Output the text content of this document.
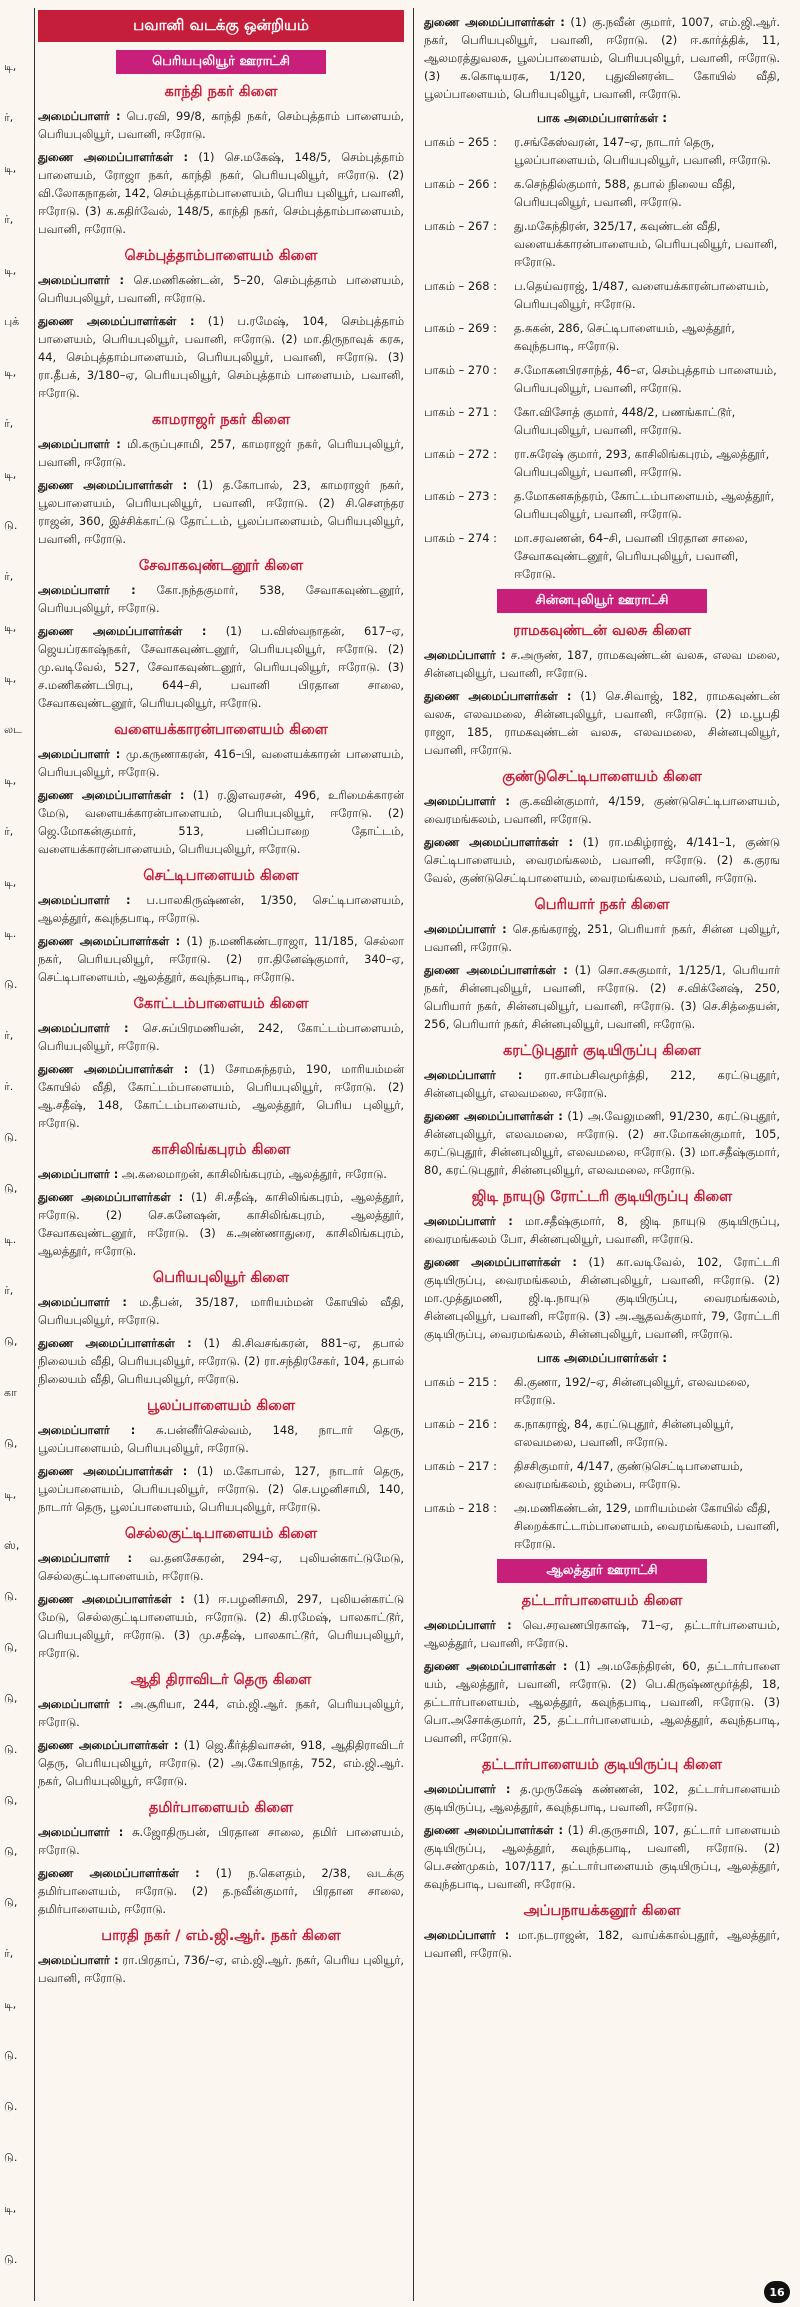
டி,
ர்,
டி,
ர்,
டி,
புக்
டி,
ர்,
டி,
டு.
ர்,
டி,
டி,
லட
டி,
ர்,
டி,
டி.
டு.
ர்,
ர்.
டு.
டு,
டி.
ர்,
டு,
கா
டு,
டி,
ஸ்,
டு.
டு,
டு,
டு.
டு,
டு,
டு,
ர்,
டி,
டு.
டு.
டு.
டி,
டு.
பவானி வடக்கு ஒன்றியம்
பெரியபுலியூர் ஊராட்சி
காந்தி நகர் கிளை
அமைப்பாளர் : பெ.ரவி, 99/8, காந்தி நகர், செம்புத்தாம் பாளையம், பெரியபுலியூர், பவானி, ஈரோடு.
துணை அமைப்பாளர்கள் : (1) செ.மகேஷ், 148/5, செம்புத்தாம் பாளையம், ரோஜா நகர், காந்தி நகர், பெரியபுலியூர், ஈரோடு. (2) வி.லோகநாதன், 142, செம்புத்தாம்பாளையம், பெரிய புலியூர், பவானி, ஈரோடு. (3) க.கதிர்வேல், 148/5, காந்தி நகர், செம்புத்தாம்பாளையம், பவானி, ஈரோடு.
செம்புத்தாம்பாளையம் கிளை
அமைப்பாளர் : செ.மணிகண்டன், 5–20, செம்புத்தாம் பாளையம், பெரியபுலியூர், பவானி, ஈரோடு.
துணை அமைப்பாளர்கள் : (1) ப.ரமேஷ், 104, செம்புத்தாம் பாளையம், பெரியபுலியூர், பவானி, ஈரோடு. (2) மா.திருநாவுக் கரசு, 44, செம்புத்தாம்பாளையம், பெரியபுலியூர், பவானி, ஈரோடு. (3) ரா.தீபக், 3/180–ஏ, பெரியபுலியூர், செம்புத்தாம் பாளையம், பவானி, ஈரோடு.
காமராஜர் நகர் கிளை
அமைப்பாளர் : மி.கருப்புசாமி, 257, காமராஜர் நகர், பெரியபுலியூர், பவானி, ஈரோடு.
துணை அமைப்பாளர்கள் : (1) த.கோபால், 23, காமராஜர் நகர், பூலபாளையம், பெரியபுலியூர், பவானி, ஈரோடு. (2) சி.சௌந்தர ராஜன், 360, இச்சிக்காட்டு தோட்டம், பூலப்பாளையம், பெரியபுலியூர், பவானி, ஈரோடு.
சேவாகவுண்டனூர் கிளை
அமைப்பாளர் : கோ.நந்தகுமார், 538, சேவாகவுண்டனூர், பெரியபுலியூர், ஈரோடு.
துணை அமைப்பாளர்கள் : (1) ப.விஸ்வநாதன், 617–ஏ, ஜெயப்ரகாஷ்நகர், சேவாகவுண்டனூர், பெரியபுலியூர், ஈரோடு. (2) மு.வடிவேல், 527, சேவாகவுண்டனூர், பெரியபுலியூர், ஈரோடு. (3) ச.மணிகண்டபிரபு, 644–சி, பவானி பிரதான சாலை, சேவாகவுண்டனூர், பெரியபுலியூர், ஈரோடு.
வளையக்காரன்பாளையம் கிளை
அமைப்பாளர் : மு.கருணாகரன், 416–பி, வளையக்காரன் பாளையம், பெரியபுலியூர், ஈரோடு.
துணை அமைப்பாளர்கள் : (1) ர.இளவரசன், 496, உரிமைக்காரன் மேடு, வளையக்காரன்பாளையம், பெரியபுலியூர், ஈரோடு. (2) ஜெ.மோகன்குமார், 513, பனிப்பாறை தோட்டம், வளையக்காரன்பாளையம், பெரியபுலியூர், ஈரோடு.
செட்டிபாளையம் கிளை
அமைப்பாளர் : ப.பாலகிருஷ்ணன், 1/350, செட்டிபாளையம், ஆலத்தூர், கவுந்தபாடி, ஈரோடு.
துணை அமைப்பாளர்கள் : (1) ந.மணிகண்டராஜா, 11/185, செல்லா நகர், பெரியபுலியூர், ஈரோடு. (2) ரா.தினேஷ்குமார், 340–ஏ, செட்டிபாளையம், ஆலத்தூர், கவுந்தபாடி, ஈரோடு.
கோட்டம்பாளையம் கிளை
அமைப்பாளர் : செ.சுப்பிரமணியன், 242, கோட்டம்பாளையம், பெரியபுலியூர், ஈரோடு.
துணை அமைப்பாளர்கள் : (1) சோமசுந்தரம், 190, மாரியம்மன் கோயில் வீதி, கோட்டம்பாளையம், பெரியபுலியூர், ஈரோடு. (2) ஆ.சதீஷ், 148, கோட்டம்பாளையம், ஆலத்தூர், பெரிய புலியூர், ஈரோடு.
காசிலிங்கபுரம் கிளை
அமைப்பாளர் : அ.கலைமாறன், காசிலிங்கபுரம், ஆலத்தூர், ஈரோடு.
துணை அமைப்பாளர்கள் : (1) சி.சதீஷ், காசிலிங்கபுரம், ஆலத்தூர், ஈரோடு. (2) செ.கனேஷன், காசிலிங்கபுரம், ஆலத்தூர், சேவாகவுண்டனூர், ஈரோடு. (3) க.அண்ணாதுரை, காசிலிங்கபுரம், ஆலத்தூர், ஈரோடு.
பெரியபுலியூர் கிளை
அமைப்பாளர் : ம.தீபன், 35/187, மாரியம்மன் கோயில் வீதி, பெரியபுலியூர், ஈரோடு.
துணை அமைப்பாளர்கள் : (1) கி.சிவசங்கரன், 881–ஏ, தபால் நிலையம் வீதி, பெரியபுலியூர், ஈரோடு. (2) ரா.சந்திரசேகர், 104, தபால் நிலையம் வீதி, பெரியபுலியூர், ஈரோடு.
பூலப்பாளையம் கிளை
அமைப்பாளர் : சு.பன்னீர்செல்வம், 148, நாடார் தெரு, பூலப்பாளையம், பெரியபுலியூர், ஈரோடு.
துணை அமைப்பாளர்கள் : (1) ம.கோபால், 127, நாடார் தெரு, பூலப்பாளையம், பெரியபுலியூர், ஈரோடு. (2) செ.பழனிசாமி, 140, நாடார் தெரு, பூலப்பாளையம், பெரியபுலியூர், ஈரோடு.
செல்லகுட்டிபாளையம் கிளை
அமைப்பாளர் : வ.தனசேகரன், 294–ஏ, புலியன்காட்டுமேடு, செல்லகுட்டிபாளையம், ஈரோடு.
துணை அமைப்பாளர்கள் : (1) ஈ.பழனிசாமி, 297, புலியன்காட்டு மேடு, செல்லகுட்டிபாளையம், ஈரோடு. (2) கி.ரமேஷ், பாலகாட்டூர், பெரியபுலியூர், ஈரோடு. (3) மு.சதீஷ், பாலகாட்டூர், பெரியபுலியூர், ஈரோடு.
ஆதி திராவிடர் தெரு கிளை
அமைப்பாளர் : அ.சூரியா, 244, எம்.ஜி.ஆர். நகர், பெரியபுலியூர், ஈரோடு.
துணை அமைப்பாளர்கள் : (1) ஜெ.கீர்த்திவாசன், 918, ஆதிதிராவிடர் தெரு, பெரியபுலியூர், ஈரோடு. (2) அ.கோபிநாத், 752, எம்.ஜி.ஆர். நகர், பெரியபுலியூர், ஈரோடு.
தமிர்பாளையம் கிளை
அமைப்பாளர் : சு.ஜோதிருபன், பிரதான சாலை, தமிர் பாளையம், ஈரோடு.
துணை அமைப்பாளர்கள் : (1) ந.கௌதம், 2/38, வடக்கு தமிர்பாளையம், ஈரோடு. (2) த.நவீன்குமார், பிரதான சாலை, தமிர்பாளையம், ஈரோடு.
பாரதி நகர் / எம்.ஜி.ஆர். நகர் கிளை
அமைப்பாளர் : ரா.பிரதாப், 736/–ஏ, எம்.ஜி.ஆர். நகர், பெரிய புலியூர், பவானி, ஈரோடு.
துணை அமைப்பாளர்கள் : (1) கு.நவீன் குமார், 1007, எம்.ஜி.ஆர். நகர், பெரியபுலியூர், பவானி, ஈரோடு. (2) ஈ.கார்த்திக், 11, ஆலமரத்துவலசு, பூலப்பாளையம், பெரியபுலியூர், பவானி, ஈரோடு. (3) க.கொடியரசு, 1/120, புதுவினரன்ட கோயில் வீதி, பூலப்பாளையம், பெரியபுலியூர், பவானி, ஈரோடு.
பாக அமைப்பாளர்கள் :
பாகம் – 265 :	ர.சங்கேஸ்வரன், 147–ஏ, நாடார் தெரு, பூலப்பாளையம், பெரியபுலியூர், பவானி, ஈரோடு.
பாகம் – 266 :	க.செந்தில்குமார், 588, தபால் நிலைய வீதி, பெரியபுலியூர், பவானி, ஈரோடு.
பாகம் – 267 :	து.மகேந்திரன், 325/17, கவுண்டன் வீதி, வளையக்காரன்பாளையம், பெரியபுலியூர், பவானி, ஈரோடு.
பாகம் – 268 :	ப.தெய்வராஜ், 1/487, வளையக்காரன்பாளையம், பெரியபுலியூர், ஈரோடு.
பாகம் – 269 :	த.சுகன், 286, செட்டிபாளையம், ஆலத்தூர், கவுந்தபாடி, ஈரோடு.
பாகம் – 270 :	ச.மோகனபிரசாந்த், 46–எ, செம்புத்தாம் பாளையம், பெரியபுலியூர், பவானி, ஈரோடு.
பாகம் – 271 :	கோ.விசோத் குமார், 448/2, பணங்காட்டூர், பெரியபுலியூர், பவானி, ஈரோடு.
பாகம் – 272 :	ரா.சுரேஷ் குமார், 293, காசிலிங்கபுரம், ஆலத்தூர், பெரியபுலியூர், பவானி, ஈரோடு.
பாகம் – 273 :	த.மோகனசுந்தரம், கோட்டம்பாளையம், ஆலத்தூர், பெரியபுலியூர், பவானி, ஈரோடு.
பாகம் – 274 :	மா.சரவணன், 64–சி, பவானி பிரதான சாலை, சேவாகவுண்டனூர், பெரியபுலியூர், பவானி, ஈரோடு.
சின்னபுலியூர் ஊராட்சி
ராமகவுண்டன் வலசு கிளை
அமைப்பாளர் : ச.அருண், 187, ராமகவுண்டன் வலசு, எலவ மலை, சின்னபுலியூர், பவானி, ஈரோடு.
துணை அமைப்பாளர்கள் : (1) செ.சிவாஜ், 182, ராமகவுண்டன் வலசு, எலவமலை, சின்னபுலியூர், பவானி, ஈரோடு. (2) ம.பூபதி ராஜா, 185, ராமகவுண்டன் வலசு, எலவமலை, சின்னபுலியூர், பவானி, ஈரோடு.
குண்டுசெட்டிபாளையம் கிளை
அமைப்பாளர் : கு.கவின்குமார், 4/159, குண்டுசெட்டிபாளையம், வைரமங்கலம், பவானி, ஈரோடு.
துணை அமைப்பாளர்கள் : (1) ரா.மகிழ்ராஜ், 4/141–1, குண்டு செட்டிபாளையம், வைரமங்கலம், பவானி, ஈரோடு. (2) க.குரங வேல், குண்டுசெட்டிபாளையம், வைரமங்கலம், பவானி, ஈரோடு.
பெரியார் நகர் கிளை
அமைப்பாளர் : செ.தங்கராஜ், 251, பெரியார் நகர், சின்ன புலியூர், பவானி, ஈரோடு.
துணை அமைப்பாளர்கள் : (1) சொ.சசுகுமார், 1/125/1, பெரியார் நகர், சின்னபுலியூர், பவானி, ஈரோடு. (2) ச.விக்னேஷ், 250, பெரியார் நகர், சின்னபுலியூர், பவானி, ஈரோடு. (3) செ.சித்தையன், 256, பெரியார் நகர், சின்னபுலியூர், பவானி, ஈரோடு.
கரட்டுபுதூர் குடியிருப்பு கிளை
அமைப்பாளர் : ரா.சாம்பசிவமூர்த்தி, 212, கரட்டுபுதூர், சின்னபுலியூர், எலவமலை, ஈரோடு.
துணை அமைப்பாளர்கள் : (1) அ.வேலுமணி, 91/230, கரட்டுபுதூர், சின்னபுலியூர், எலவமலை, ஈரோடு. (2) சா.மோகன்குமார், 105, கரட்டுபுதூர், சின்னபுலியூர், எலவமலை, ஈரோடு. (3) மா.சதீஷ்குமார், 80, கரட்டுபுதூர், சின்னபுலியூர், எலவமலை, ஈரோடு.
ஜிடி நாயுடு ரோட்டரி குடியிருப்பு கிளை
அமைப்பாளர் : மா.சதீஷ்குமார், 8, ஜிடி நாயுடு குடியிருப்பு, வைரமங்கலம் போ, சின்னபுலியூர், பவானி, ஈரோடு.
துணை அமைப்பாளர்கள் : (1) கா.வடிவேல், 102, ரோட்டரி குடியிருப்பு, வைரமங்கலம், சின்னபுலியூர், பவானி, ஈரோடு. (2) மா.முத்துமணி, ஜி.டி.நாயுடு குடியிருப்பு, வைரமங்கலம், சின்னபுலியூர், பவானி, ஈரோடு. (3) அ.ஆதவக்குமார், 79, ரோட்டரி குடியிருப்பு, வைரமங்கலம், சின்னபுலியூர், பவானி, ஈரோடு.
பாக அமைப்பாளர்கள் :
பாகம் – 215 :	கி.குணா, 192/–ஏ, சின்னபுலியூர், எலவமலை, ஈரோடு.
பாகம் – 216 :	க.நாகராஜ், 84, கரட்டுபுதூர், சின்னபுலியூர், எலவமலை, பவானி, ஈரோடு.
பாகம் – 217 :	திசசிகுமார், 4/147, குண்டுசெட்டிபாளையம், வைரமங்கலம், ஜம்பை, ஈரோடு.
பாகம் – 218 :	அ.மணிகண்டன், 129, மாரியம்மன் கோயில் வீதி, சிறைக்காட்டாம்பாளையம், வைரமங்கலம், பவானி, ஈரோடு.
ஆலத்தூர் ஊராட்சி
தட்டார்பாளையம் கிளை
அமைப்பாளர் : வெ.சரவணபிரகாஷ், 71–ஏ, தட்டார்பாளையம், ஆலத்தூர், பவானி, ஈரோடு.
துணை அமைப்பாளர்கள் : (1) அ.மகேந்திரன், 60, தட்டார்பாளை யம், ஆலத்தூர், பவானி, ஈரோடு. (2) பெ.கிருஷ்ணமூர்த்தி, 18, தட்டார்பாளையம், ஆலத்தூர், கவுந்தபாடி, பவானி, ஈரோடு. (3) பொ.அசோக்குமார், 25, தட்டார்பாளையம், ஆலத்தூர், கவுந்தபாடி, பவானி, ஈரோடு.
தட்டார்பாளையம் குடியிருப்பு கிளை
அமைப்பாளர் : த.முருகேஷ் கண்ணன், 102, தட்டார்பாளையம் குடியிருப்பு, ஆலத்தூர், கவுந்தபாடி, பவானி, ஈரோடு.
துணை அமைப்பாளர்கள் : (1) சி.குருசாமி, 107, தட்டார் பாளையம் குடியிருப்பு, ஆலத்தூர், கவுந்தபாடி, பவானி, ஈரோடு. (2) பெ.சண்முகம், 107/117, தட்டார்பாளையம் குடியிருப்பு, ஆலத்தூர், கவுந்தபாடி, பவானி, ஈரோடு.
அப்பநாயக்கனூர் கிளை
அமைப்பாளர் : மா.நடராஜன், 182, வாய்க்கால்புதூர், ஆலத்தூர், பவானி, ஈரோடு.
16
